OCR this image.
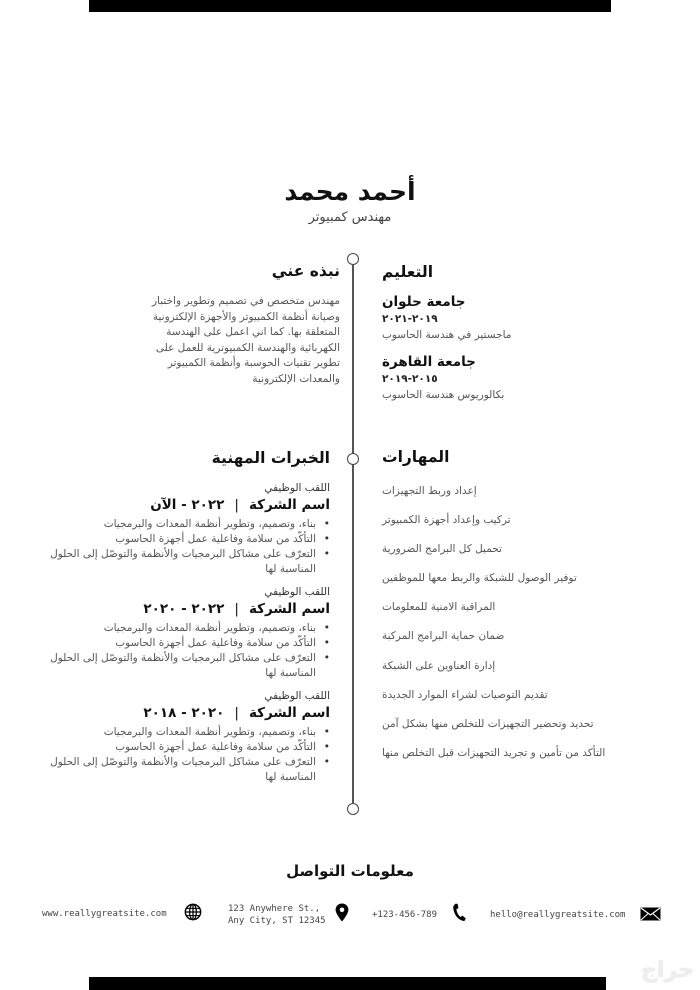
أحمد محمد
مهندس كمبيوتر
التعليم
جامعة حلوان
٢٠١٩-٢٠٢١
ماجستير في هندسة الحاسوب
جامعة القاهرة
٢٠١٥-٢٠١٩
بكالوريوس هندسة الحاسوب
نبذه عني

مهندس متخصص في تصميم وتطوير واختبار وصيانة أنظمة الكمبيوتر والأجهزة الإلكترونية المتعلقة بها. كما اني اعمل على الهندسة الكهربائية والهندسة الكمبيوترية للعمل على تطوير تقنيات الحوسبة وأنظمة الكمبيوتر والمعدات الإلكترونية

الخبرات المهنية
اللقب الوظيفي
اسم الشركة|٢٠٢٢ - الآن
• بناء، وتصميم، وتطوير أنظمة المعدات والبرمجيات
• التأكّد من سلامة وفاعلية عمل أجهزة الحاسوب
• التعرّف على مشاكل البرمجيات والأنظمة والتوصّل إلى الحلول المناسبة لها
اللقب الوظيفي
اسم الشركة|٢٠٢٢ - ٢٠٢٠
• بناء، وتصميم، وتطوير أنظمة المعدات والبرمجيات
• التأكّد من سلامة وفاعلية عمل أجهزة الحاسوب
• التعرّف على مشاكل البرمجيات والأنظمة والتوصّل إلى الحلول المناسبة لها
اللقب الوظيفي
اسم الشركة|٢٠٢٠ - ٢٠١٨
• بناء، وتصميم، وتطوير أنظمة المعدات والبرمجيات
• التأكّد من سلامة وفاعلية عمل أجهزة الحاسوب
• التعرّف على مشاكل البرمجيات والأنظمة والتوصّل إلى الحلول المناسبة لها
المهارات
إعداد وربط التجهيزات
تركيب وإعداد أجهزة الكمبيوتر
تحميل كل البرامج الضرورية
توفير الوصول للشبكة والربط معها للموظفين
المراقبة الامنية للمعلومات
ضمان حماية البرامج المركبة
إدارة العناوين على الشبكة
تقديم التوصيات لشراء الموارد الجديدة
تحديد وتحضير التجهيزات للتخلص منها بشكل آمن
التأكد من تأمين و تجريد التجهيزات قبل التخلص منها
معلومات التواصل
www.reallygreatsite.com	123 Anywhere St.,
Any City, ST 12345
+123-456-789	hello@reallygreatsite.com
حراج
